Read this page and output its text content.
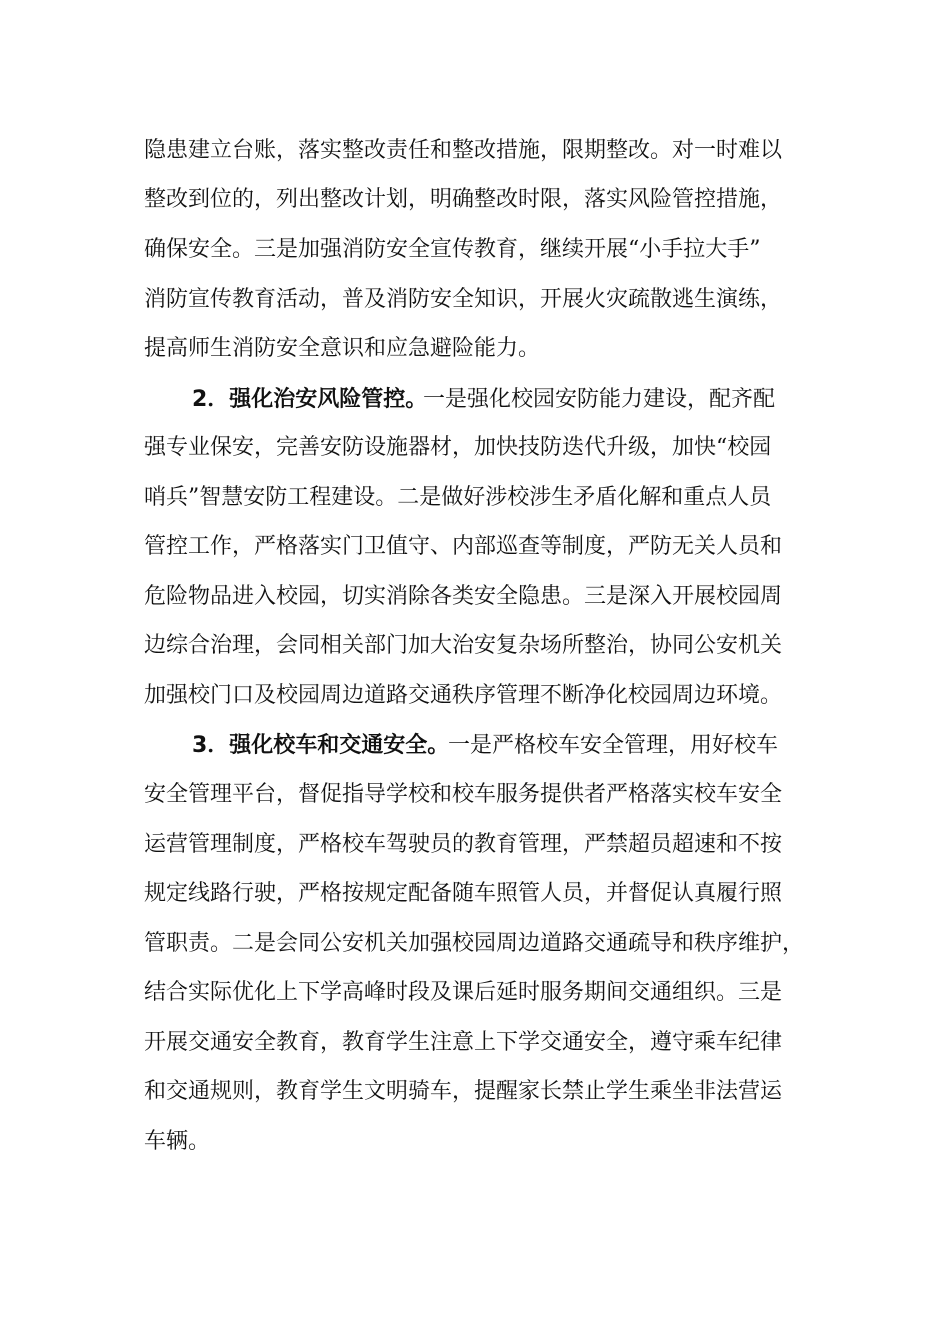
隐患建立台账，落实整改责任和整改措施，限期整改。对一时难以
整改到位的，列出整改计划，明确整改时限，落实风险管控措施，
确保安全。三是加强消防安全宣传教育，继续开展“小手拉大手”
消防宣传教育活动，普及消防安全知识，开展火灾疏散逃生演练，
提高师生消防安全意识和应急避险能力。
2．强化治安风险管控。
一是强化校园安防能力建设，配齐配
强专业保安，完善安防设施器材，加快技防迭代升级，加快“校园
哨兵”智慧安防工程建设。二是做好涉校涉生矛盾化解和重点人员
管控工作，严格落实门卫值守、内部巡查等制度，严防无关人员和
危险物品进入校园，切实消除各类安全隐患。三是深入开展校园周
边综合治理，会同相关部门加大治安复杂场所整治，协同公安机关
加强校门口及校园周边道路交通秩序管理不断净化校园周边环境。
3．强化校车和交通安全。
一是严格校车安全管理，用好校车
安全管理平台，督促指导学校和校车服务提供者严格落实校车安全
运营管理制度，严格校车驾驶员的教育管理，严禁超员超速和不按
规定线路行驶，严格按规定配备随车照管人员，并督促认真履行照
管职责。二是会同公安机关加强校园周边道路交通疏导和秩序维护，
结合实际优化上下学高峰时段及课后延时服务期间交通组织。三是
开展交通安全教育，教育学生注意上下学交通安全，遵守乘车纪律
和交通规则，教育学生文明骑车，提醒家长禁止学生乘坐非法营运
车辆。
